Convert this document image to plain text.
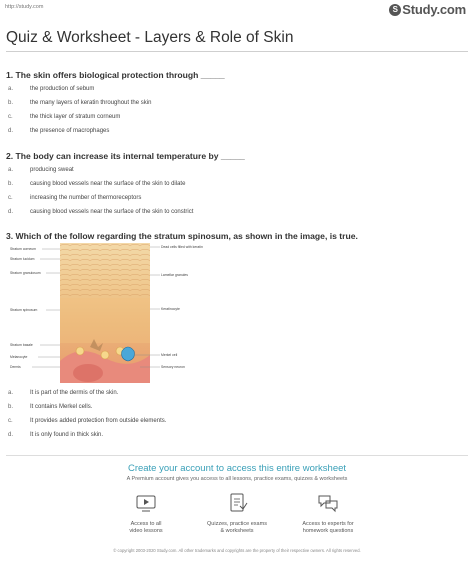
http://study.com	S Study.com
Quiz & Worksheet - Layers & Role of Skin
1. The skin offers biological protection through _____
a.	the production of sebum
b.	the many layers of keratin throughout the skin
c.	the thick layer of stratum corneum
d.	the presence of macrophages
2. The body can increase its internal temperature by _____
a.	producing sweat
b.	causing blood vessels near the surface of the skin to dilate
c.	increasing the number of thermoreceptors
d.	causing blood vessels near the surface of the skin to constrict
3. Which of the follow regarding the stratum spinosum, as shown in the image, is true.
Stratum corneum
Stratum lucidum
Stratum granulosum
Stratum spinosum
Stratum basale
Melanocyte
Dermis
Dead cells filled with keratin
Lamellar granules
Keratinocyte
Merkel cell
Sensory neuron
a.	It is part of the dermis of the skin.
b.	It contains Merkel cells.
c.	It provides added protection from outside elements.
d.	It is only found in thick skin.
Create your account to access this entire worksheet
A Premium account gives you access to all lessons, practice exams, quizzes & worksheets
Access to all
video lessons
Quizzes, practice exams
& worksheets
Access to experts for
homework questions
© copyright 2003-2020 Study.com. All other trademarks and copyrights are the property of their respective owners. All rights reserved.
